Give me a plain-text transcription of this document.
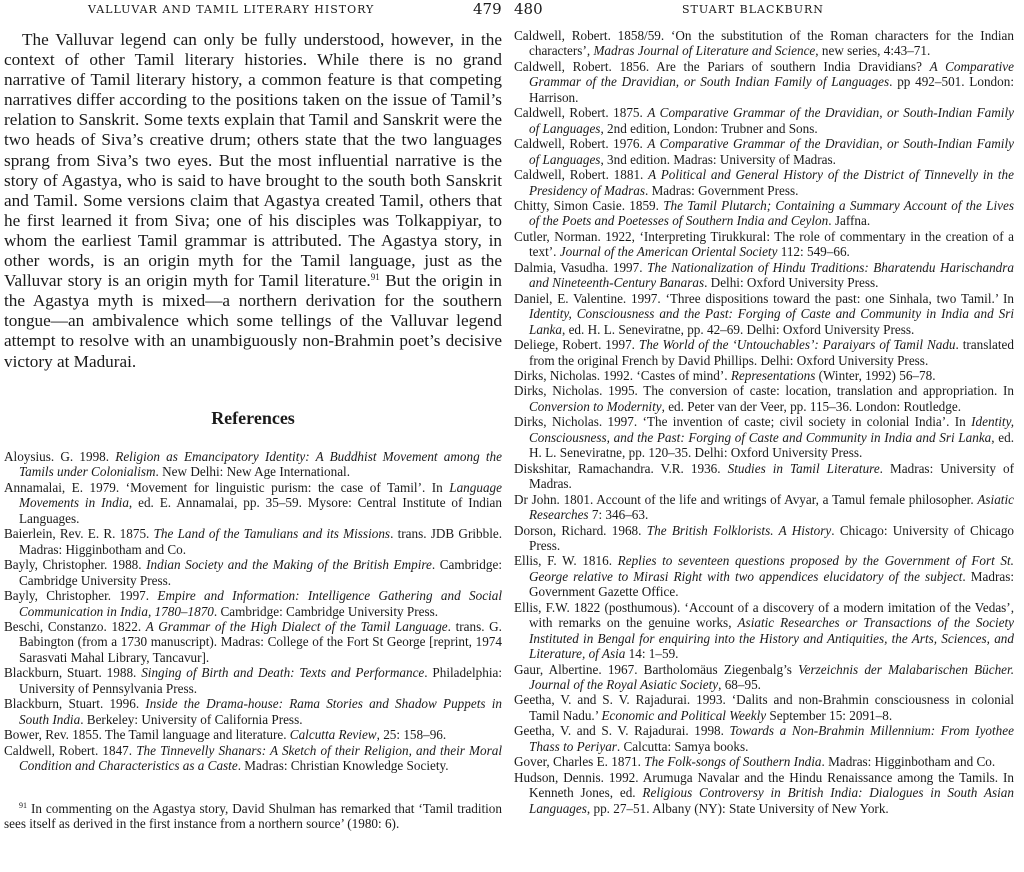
VALLUVAR AND TAMIL LITERARY HISTORY	479

The Valluvar legend can only be fully understood, however, in the context of other Tamil literary histories. While there is no grand narrative of Tamil literary history, a common feature is that competing narratives differ according to the positions taken on the issue of Tamil’s relation to Sanskrit. Some texts explain that Tamil and Sanskrit were the two heads of Siva’s creative drum; others state that the two languages sprang from Siva’s two eyes. But the most influential narrative is the story of Agastya, who is said to have brought to the south both Sanskrit and Tamil. Some versions claim that Agastya created Tamil, others that he first learned it from Siva; one of his disciples was Tolkappiyar, to whom the earliest Tamil grammar is attributed. The Agastya story, in other words, is an origin myth for the Tamil language, just as the Valluvar story is an origin myth for Tamil literature.$^{91}$ But the origin in the Agastya myth is mixed—a northern derivation for the southern tongue—an ambivalence which some tellings of the Valluvar legend attempt to resolve with an unambiguously non-Brahmin poet’s decisive victory at Madurai.

References
Aloysius. G. 1998. Religion as Emancipatory Identity: A Buddhist Movement among the Tamils under Colonialism. New Delhi: New Age International.
Annamalai, E. 1979. ‘Movement for linguistic purism: the case of Tamil’. In Language Movements in India, ed. E. Annamalai, pp. 35–59. Mysore: Central Institute of Indian Languages.
Baierlein, Rev. E. R. 1875. The Land of the Tamulians and its Missions. trans. JDB Gribble. Madras: Higginbotham and Co.
Bayly, Christopher. 1988. Indian Society and the Making of the British Empire. Cambridge: Cambridge University Press.
Bayly, Christopher. 1997. Empire and Information: Intelligence Gathering and Social Communication in India, 1780–1870. Cambridge: Cambridge University Press.
Beschi, Constanzo. 1822. A Grammar of the High Dialect of the Tamil Language. trans. G. Babington (from a 1730 manuscript). Madras: College of the Fort St George [reprint, 1974 Sarasvati Mahal Library, Tancavur].
Blackburn, Stuart. 1988. Singing of Birth and Death: Texts and Performance. Philadelphia: University of Pennsylvania Press.
Blackburn, Stuart. 1996. Inside the Drama-house: Rama Stories and Shadow Puppets in South India. Berkeley: University of California Press.
Bower, Rev. 1855. The Tamil language and literature. Calcutta Review, 25: 158–96.
Caldwell, Robert. 1847. The Tinnevelly Shanars: A Sketch of their Religion, and their Moral Condition and Characteristics as a Caste. Madras: Christian Knowledge Society.

$^{91}$ In commenting on the Agastya story, David Shulman has remarked that ‘Tamil tradition sees itself as derived in the first instance from a northern source’ (1980: 6).

480	STUART BLACKBURN
Caldwell, Robert. 1858/59. ‘On the substitution of the Roman characters for the Indian characters’, Madras Journal of Literature and Science, new series, 4:43–71.
Caldwell, Robert. 1856. Are the Pariars of southern India Dravidians? A Comparative Grammar of the Dravidian, or South Indian Family of Languages. pp 492–501. London: Harrison.
Caldwell, Robert. 1875. A Comparative Grammar of the Dravidian, or South-Indian Family of Languages, 2nd edition, London: Trubner and Sons.
Caldwell, Robert. 1976. A Comparative Grammar of the Dravidian, or South-Indian Family of Languages, 3nd edition. Madras: University of Madras.
Caldwell, Robert. 1881. A Political and General History of the District of Tinnevelly in the Presidency of Madras. Madras: Government Press.
Chitty, Simon Casie. 1859. The Tamil Plutarch; Containing a Summary Account of the Lives of the Poets and Poetesses of Southern India and Ceylon. Jaffna.
Cutler, Norman. 1922, ‘Interpreting Tirukkural: The role of commentary in the creation of a text’. Journal of the American Oriental Society 112: 549–66.
Dalmia, Vasudha. 1997. The Nationalization of Hindu Traditions: Bharatendu Harischandra and Nineteenth-Century Banaras. Delhi: Oxford University Press.
Daniel, E. Valentine. 1997. ‘Three dispositions toward the past: one Sinhala, two Tamil.’ In Identity, Consciousness and the Past: Forging of Caste and Community in India and Sri Lanka, ed. H. L. Seneviratne, pp. 42–69. Delhi: Oxford University Press.
Deliege, Robert. 1997. The World of the ‘Untouchables’: Paraiyars of Tamil Nadu. translated from the original French by David Phillips. Delhi: Oxford University Press.
Dirks, Nicholas. 1992. ‘Castes of mind’. Representations (Winter, 1992) 56–78.
Dirks, Nicholas. 1995. The conversion of caste: location, translation and appropriation. In Conversion to Modernity, ed. Peter van der Veer, pp. 115–36. London: Routledge.
Dirks, Nicholas. 1997. ‘The invention of caste; civil society in colonial India’. In Identity, Consciousness, and the Past: Forging of Caste and Community in India and Sri Lanka, ed. H. L. Seneviratne, pp. 120–35. Delhi: Oxford University Press.
Diskshitar, Ramachandra. V.R. 1936. Studies in Tamil Literature. Madras: University of Madras.
Dr John. 1801. Account of the life and writings of Avyar, a Tamul female philosopher. Asiatic Researches 7: 346–63.
Dorson, Richard. 1968. The British Folklorists. A History. Chicago: University of Chicago Press.
Ellis, F. W. 1816. Replies to seventeen questions proposed by the Government of Fort St. George relative to Mirasi Right with two appendices elucidatory of the subject. Madras: Government Gazette Office.
Ellis, F.W. 1822 (posthumous). ‘Account of a discovery of a modern imitation of the Vedas’, with remarks on the genuine works, Asiatic Researches or Transactions of the Society Instituted in Bengal for enquiring into the History and Antiquities, the Arts, Sciences, and Literature, of Asia 14: 1–59.
Gaur, Albertine. 1967. Bartholomäus Ziegenbalg’s Verzeichnis der Malabarischen Bücher. Journal of the Royal Asiatic Society, 68–95.
Geetha, V. and S. V. Rajadurai. 1993. ‘Dalits and non-Brahmin consciousness in colonial Tamil Nadu.’ Economic and Political Weekly September 15: 2091–8.
Geetha, V. and S. V. Rajadurai. 1998. Towards a Non-Brahmin Millennium: From Iyothee Thass to Periyar. Calcutta: Samya books.
Gover, Charles E. 1871. The Folk-songs of Southern India. Madras: Higginbotham and Co.
Hudson, Dennis. 1992. Arumuga Navalar and the Hindu Renaissance among the Tamils. In Kenneth Jones, ed. Religious Controversy in British India: Dialogues in South Asian Languages, pp. 27–51. Albany (NY): State University of New York.
